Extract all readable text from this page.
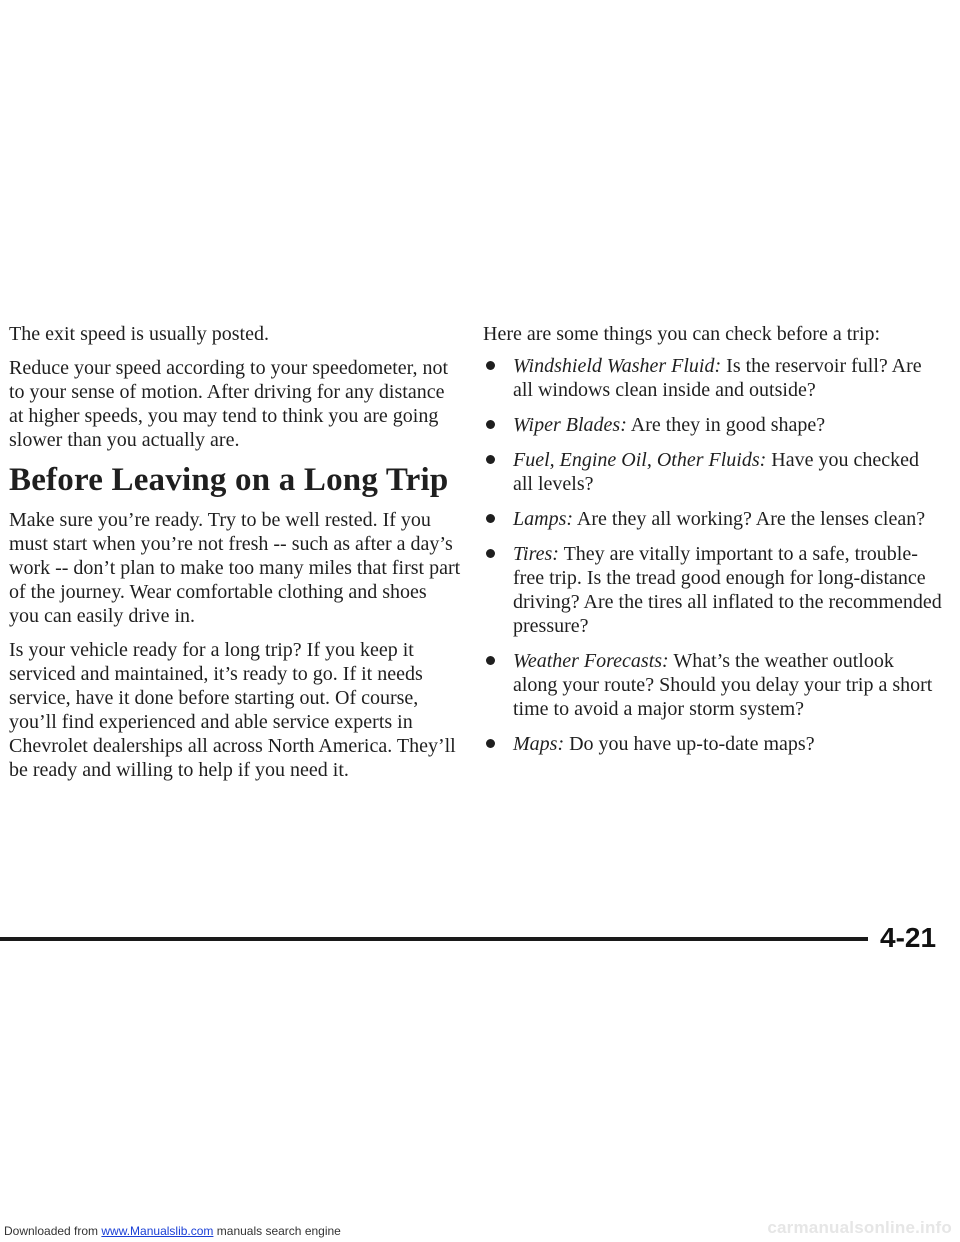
The exit speed is usually posted.

Reduce your speed according to your speedometer, not to your sense of motion. After driving for any distance at higher speeds, you may tend to think you are going slower than you actually are.

Before Leaving on a Long Trip

Make sure you’re ready. Try to be well rested. If you must start when you’re not fresh -- such as after a day’s work -- don’t plan to make too many miles that first part of the journey. Wear comfortable clothing and shoes you can easily drive in.

Is your vehicle ready for a long trip? If you keep it serviced and maintained, it’s ready to go. If it needs service, have it done before starting out. Of course, you’ll find experienced and able service experts in Chevrolet dealerships all across North America. They’ll be ready and willing to help if you need it.

Here are some things you can check before a trip:

Windshield Washer Fluid: Is the reservoir full? Are all windows clean inside and outside?
Wiper Blades: Are they in good shape?
Fuel, Engine Oil, Other Fluids: Have you checked all levels?
Lamps: Are they all working? Are the lenses clean?
Tires: They are vitally important to a safe, trouble-free trip. Is the tread good enough for long-distance driving? Are the tires all inflated to the recommended pressure?
Weather Forecasts: What’s the weather outlook along your route? Should you delay your trip a short time to avoid a major storm system?
Maps: Do you have up-to-date maps?
4-21
Downloaded from www.Manualslib.com manuals search engine	carmanualsonline.info
